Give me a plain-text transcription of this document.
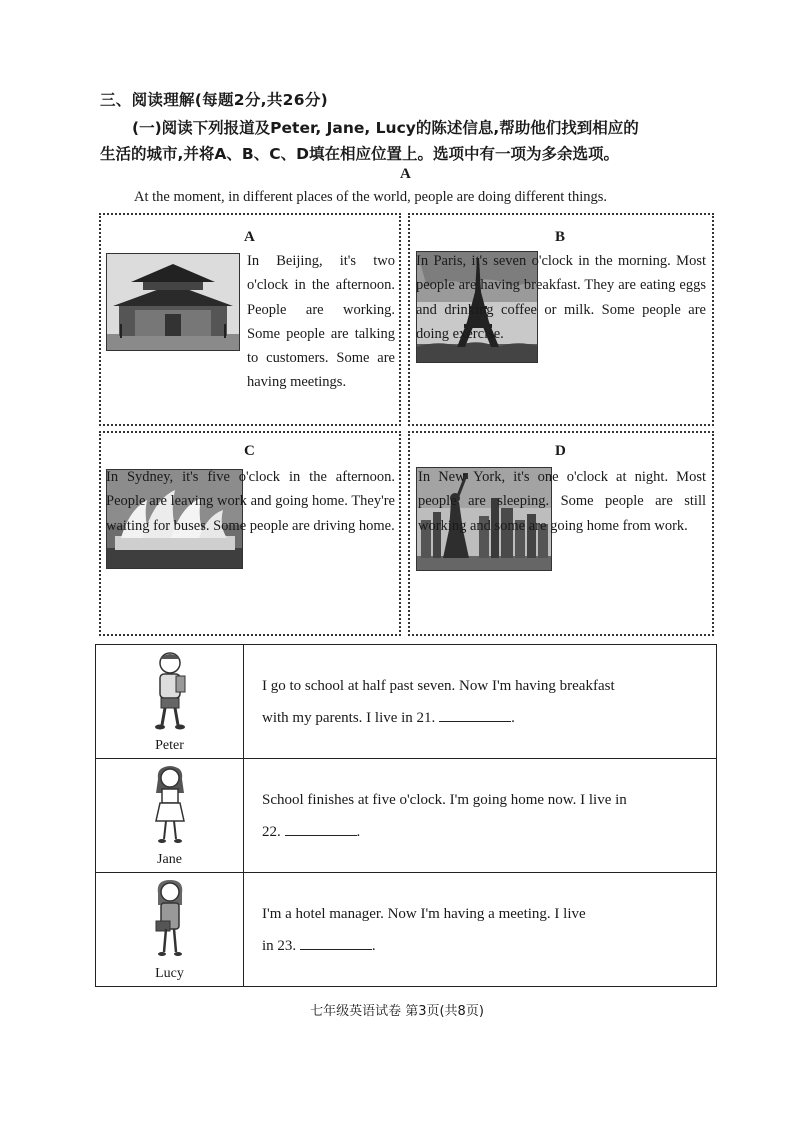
三、阅读理解(每题2分,共26分)
(一)阅读下列报道及Peter, Jane, Lucy的陈述信息,帮助他们找到相应的
生活的城市,并将A、B、C、D填在相应位置上。选项中有一项为多余选项。
A
At the moment, in different places of the world, people are doing different things.
A
In Beijing, it's two o'clock in the afternoon. People are working. Some people are talking to customers. Some are having meetings.
B
In Paris, it's seven o'clock in the morning. Most people are having breakfast. They are eating eggs and drinking coffee or milk. Some people are doing exercise.
C
In Sydney, it's five o'clock in the afternoon. People are leaving work and going home. They're waiting for buses. Some people are driving home.
D
In New York, it's one o'clock at night. Most people are sleeping. Some people are still working and some are going home from work.
Peter	I go to school at half past seven. Now I'm having breakfast
with my parents. I live in 21. .

Jane	School finishes at five o'clock. I'm going home now. I live in
22. .

Lucy	I'm a hotel manager. Now I'm having a meeting. I live
in 23. .
七年级英语试卷 第3页(共8页)
